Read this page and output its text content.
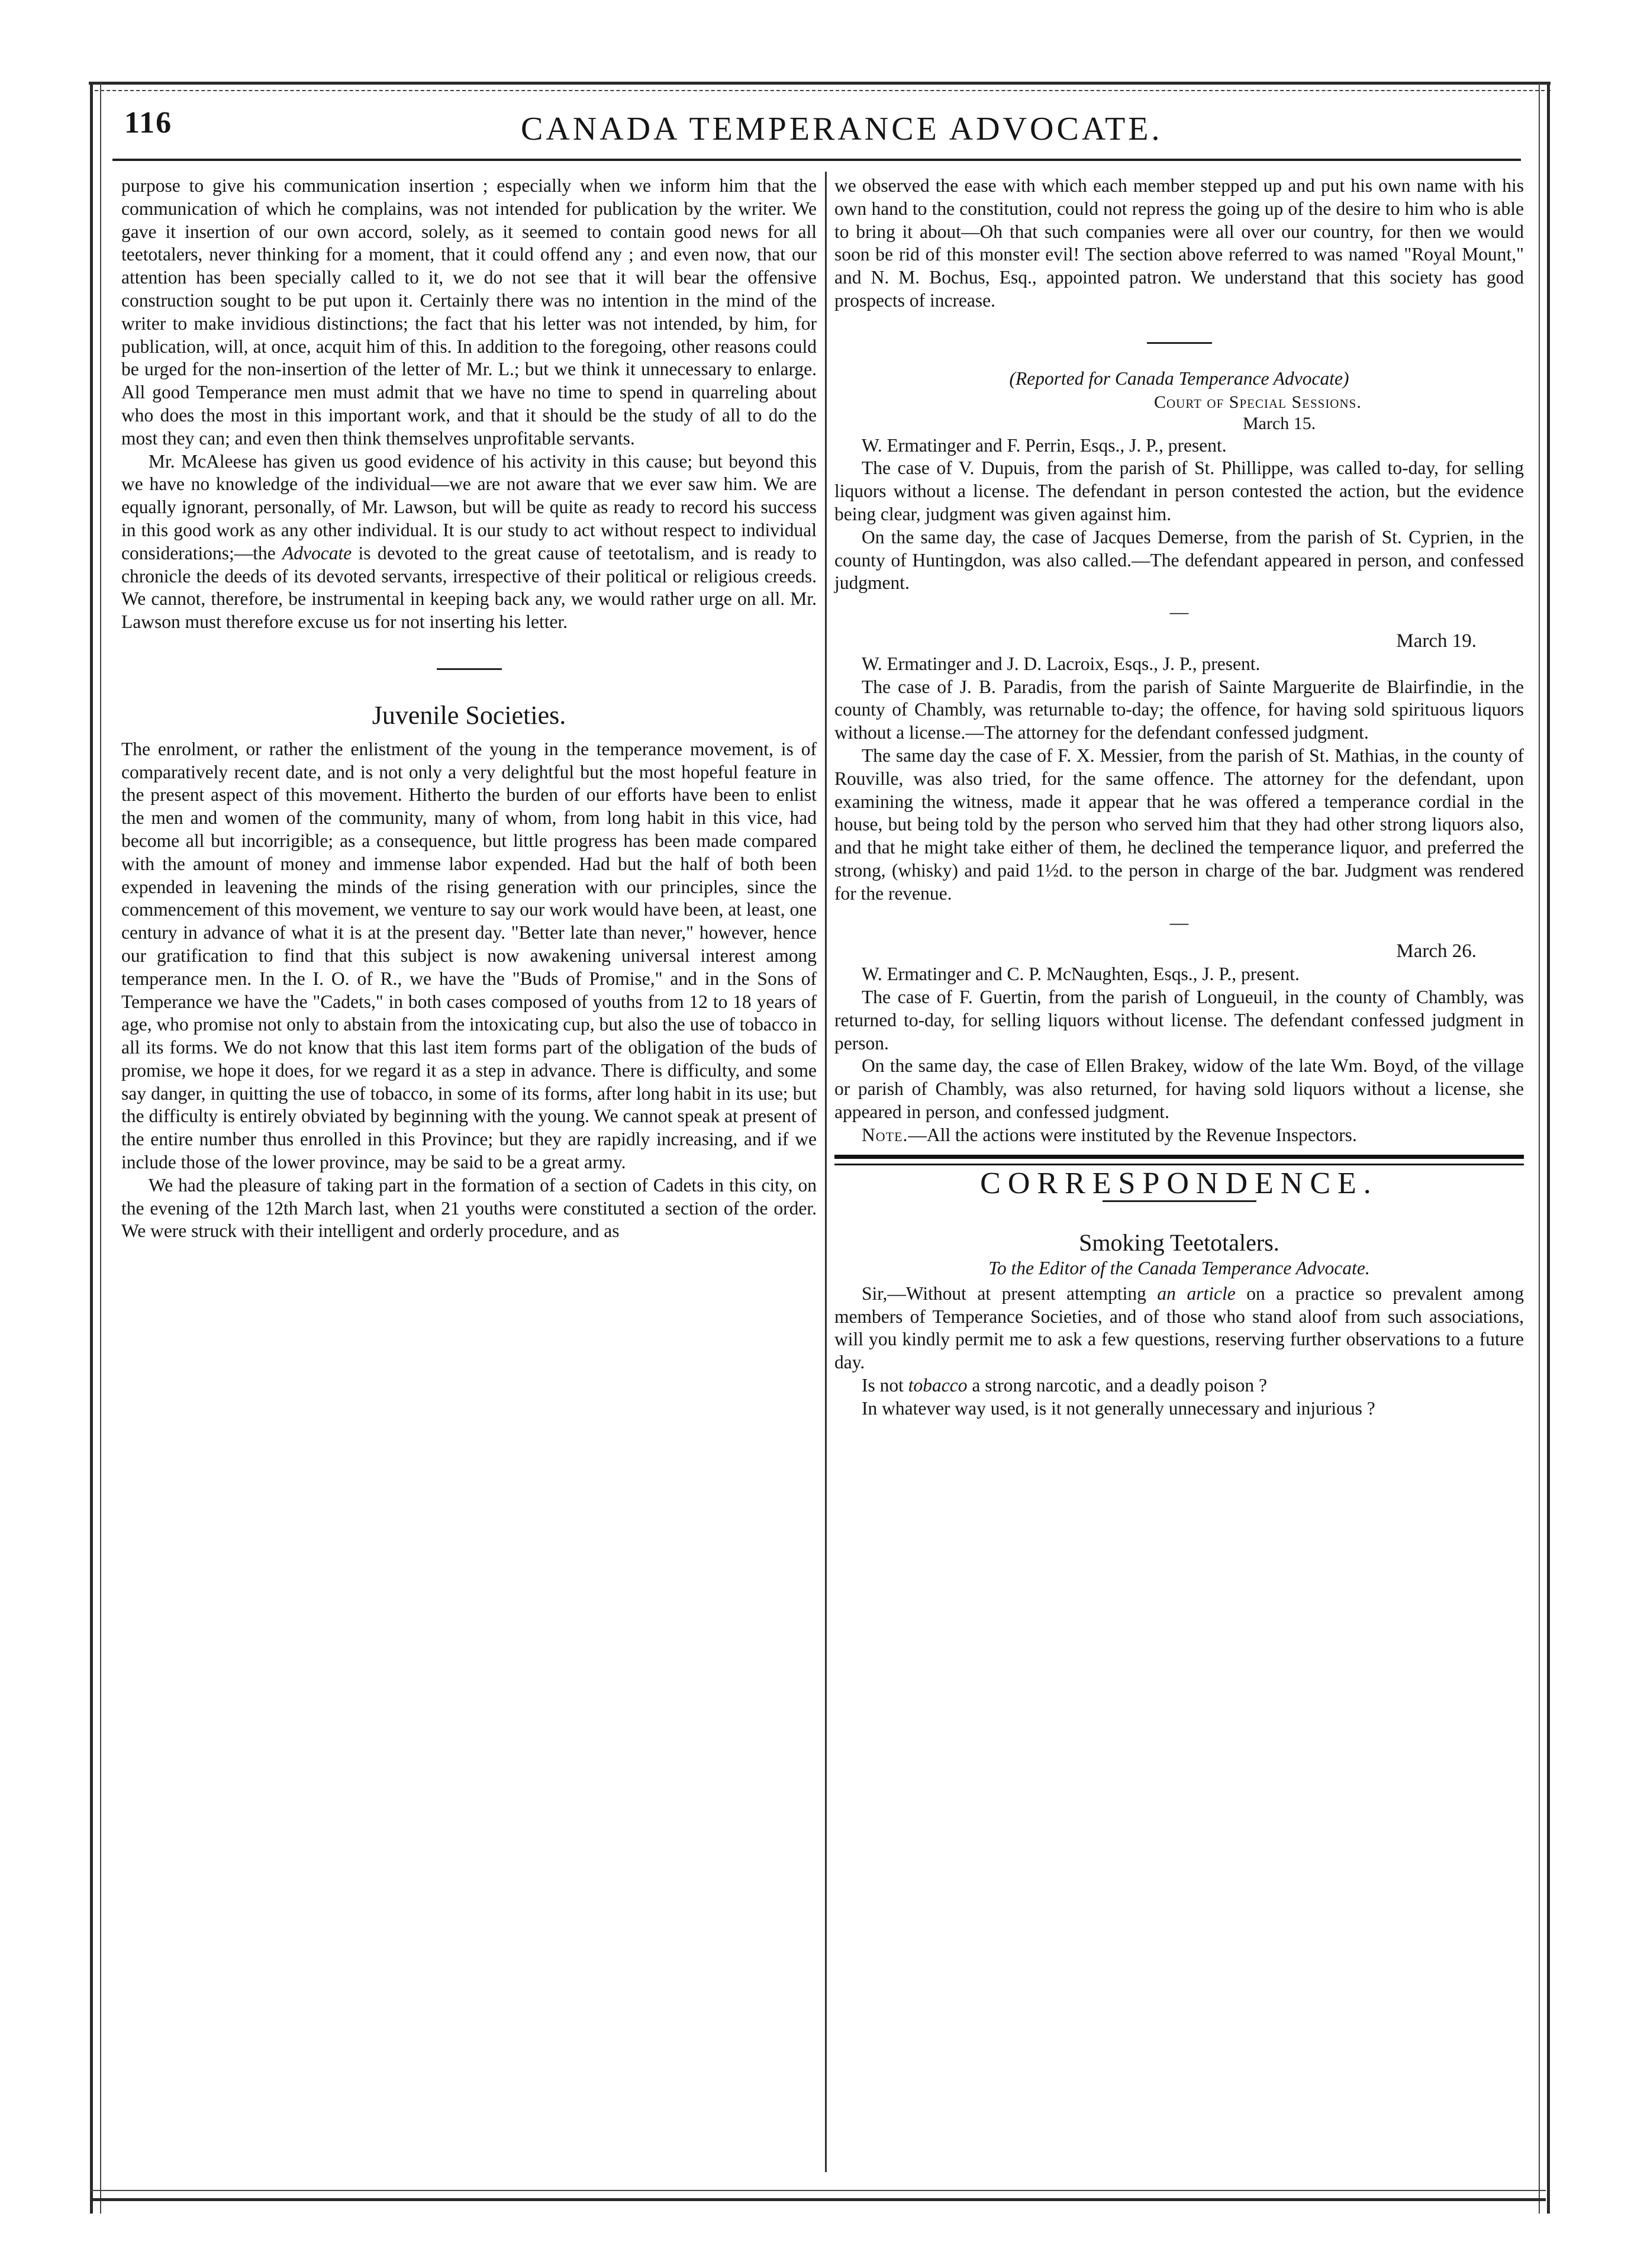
116	CANADA TEMPERANCE ADVOCATE.

purpose to give his communication insertion ; especially when we inform him that the communication of which he complains, was not intended for publication by the writer. We gave it insertion of our own accord, solely, as it seemed to contain good news for all teetotalers, never thinking for a moment, that it could offend any ; and even now, that our attention has been specially called to it, we do not see that it will bear the offensive construction sought to be put upon it. Certainly there was no intention in the mind of the writer to make invidious distinctions; the fact that his letter was not intended, by him, for publication, will, at once, acquit him of this. In addition to the foregoing, other reasons could be urged for the non-insertion of the letter of Mr. L.; but we think it unnecessary to enlarge. All good Temperance men must admit that we have no time to spend in quarreling about who does the most in this important work, and that it should be the study of all to do the most they can; and even then think themselves unprofitable servants.

Mr. McAleese has given us good evidence of his activity in this cause; but beyond this we have no knowledge of the individual—we are not aware that we ever saw him. We are equally ignorant, personally, of Mr. Lawson, but will be quite as ready to record his success in this good work as any other individual. It is our study to act without respect to individual considerations;—the Advocate is devoted to the great cause of teetotalism, and is ready to chronicle the deeds of its devoted servants, irrespective of their political or religious creeds. We cannot, therefore, be instrumental in keeping back any, we would rather urge on all. Mr. Lawson must therefore excuse us for not inserting his letter.

Juvenile Societies.

The enrolment, or rather the enlistment of the young in the temperance movement, is of comparatively recent date, and is not only a very delightful but the most hopeful feature in the present aspect of this movement. Hitherto the burden of our efforts have been to enlist the men and women of the community, many of whom, from long habit in this vice, had become all but incorrigible; as a consequence, but little progress has been made compared with the amount of money and immense labor expended. Had but the half of both been expended in leavening the minds of the rising generation with our principles, since the commencement of this movement, we venture to say our work would have been, at least, one century in advance of what it is at the present day. "Better late than never," however, hence our gratification to find that this subject is now awakening universal interest among temperance men. In the I. O. of R., we have the "Buds of Promise," and in the Sons of Temperance we have the "Cadets," in both cases composed of youths from 12 to 18 years of age, who promise not only to abstain from the intoxicating cup, but also the use of tobacco in all its forms. We do not know that this last item forms part of the obligation of the buds of promise, we hope it does, for we regard it as a step in advance. There is difficulty, and some say danger, in quitting the use of tobacco, in some of its forms, after long habit in its use; but the difficulty is entirely obviated by beginning with the young. We cannot speak at present of the entire number thus enrolled in this Province; but they are rapidly increasing, and if we include those of the lower province, may be said to be a great army.

We had the pleasure of taking part in the formation of a section of Cadets in this city, on the evening of the 12th March last, when 21 youths were constituted a section of the order. We were struck with their intelligent and orderly procedure, and as

we observed the ease with which each member stepped up and put his own name with his own hand to the constitution, could not repress the going up of the desire to him who is able to bring it about—Oh that such companies were all over our country, for then we would soon be rid of this monster evil! The section above referred to was named "Royal Mount," and N. M. Bochus, Esq., appointed patron. We understand that this society has good prospects of increase.

(Reported for Canada Temperance Advocate)
Court of Special Sessions.
March 15.

W. Ermatinger and F. Perrin, Esqs., J. P., present.

The case of V. Dupuis, from the parish of St. Phillippe, was called to-day, for selling liquors without a license. The defendant in person contested the action, but the evidence being clear, judgment was given against him.

On the same day, the case of Jacques Demerse, from the parish of St. Cyprien, in the county of Huntingdon, was also called.—The defendant appeared in person, and confessed judgment.

—
March 19.

W. Ermatinger and J. D. Lacroix, Esqs., J. P., present.

The case of J. B. Paradis, from the parish of Sainte Marguerite de Blairfindie, in the county of Chambly, was returnable to-day; the offence, for having sold spirituous liquors without a license.—The attorney for the defendant confessed judgment.

The same day the case of F. X. Messier, from the parish of St. Mathias, in the county of Rouville, was also tried, for the same offence. The attorney for the defendant, upon examining the witness, made it appear that he was offered a temperance cordial in the house, but being told by the person who served him that they had other strong liquors also, and that he might take either of them, he declined the temperance liquor, and preferred the strong, (whisky) and paid 1½d. to the person in charge of the bar. Judgment was rendered for the revenue.

—
March 26.

W. Ermatinger and C. P. McNaughten, Esqs., J. P., present.

The case of F. Guertin, from the parish of Longueuil, in the county of Chambly, was returned to-day, for selling liquors without license. The defendant confessed judgment in person.

On the same day, the case of Ellen Brakey, widow of the late Wm. Boyd, of the village or parish of Chambly, was also returned, for having sold liquors without a license, she appeared in person, and confessed judgment.

Note.—All the actions were instituted by the Revenue Inspectors.

CORRESPONDENCE.
Smoking Teetotalers.
To the Editor of the Canada Temperance Advocate.

Sir,—Without at present attempting an article on a practice so prevalent among members of Temperance Societies, and of those who stand aloof from such associations, will you kindly permit me to ask a few questions, reserving further observations to a future day.

Is not tobacco a strong narcotic, and a deadly poison ?

In whatever way used, is it not generally unnecessary and injurious ?
